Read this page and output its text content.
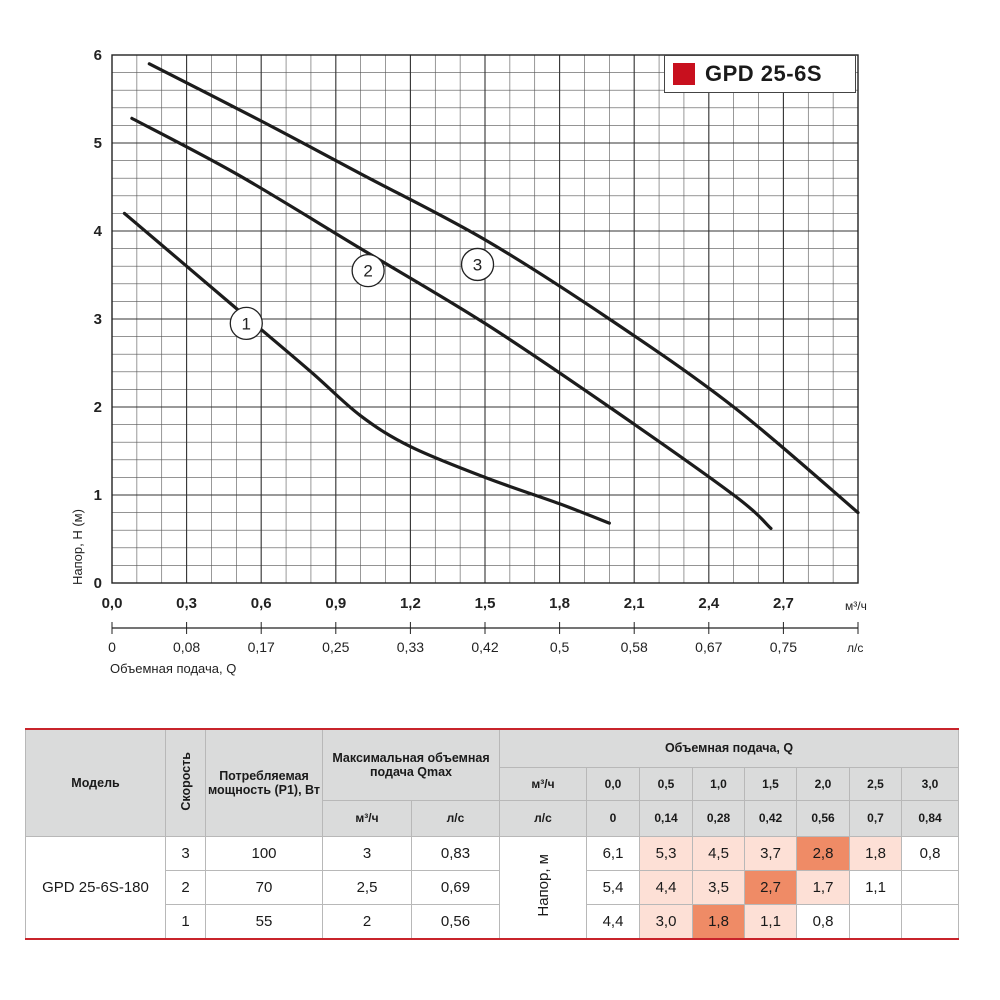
0
1
2
3
4
5
6
0,0	0,3	0,6	0,9	1,2	1,5	1,8	2,1	2,4	2,7	м³/ч
0	0,08	0,17	0,25	0,33	0,42	0,5	0,58	0,67	0,75	л/с
Объемная подача, Q
Напор, H (м)
1
2	3
GPD 25-6S
Модель	Скорость	Потребляемая мощность (P1), Вт	Максимальная объемная подача Qmax		Объемная подача, Q							
					м³/ч	0,0	0,5	1,0	1,5	2,0	2,5	3,0
			м³/ч	л/с	л/с	0	0,14	0,28	0,42	0,56	0,7	0,84
GPD 25-6S-180	3	100	3	0,83	Напор, м	6,1	5,3	4,5	3,7	2,8	1,8	0,8
	2	70	2,5	0,69		5,4	4,4	3,5	2,7	1,7	1,1	
	1	55	2	0,56		4,4	3,0	1,8	1,1	0,8		
